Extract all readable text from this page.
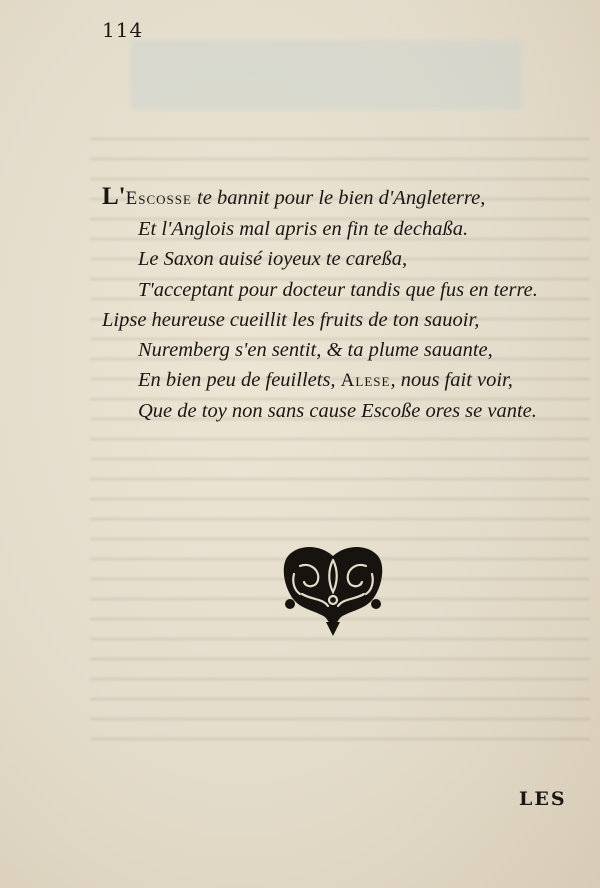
114
L'Escosse te bannit pour le bien d'Angleterre,
Et l'Anglois mal apris en fin te dechaßa.
Le Saxon auisé ioyeux te careßa,
T'acceptant pour docteur tandis que fus en terre.
Lipse heureuse cueillit les fruits de ton sauoir,
Nuremberg s'en sentit, & ta plume sauante,
En bien peu de feuillets, Alese, nous fait voir,
Que de toy non sans cause Escoße ores se vante.
LES
